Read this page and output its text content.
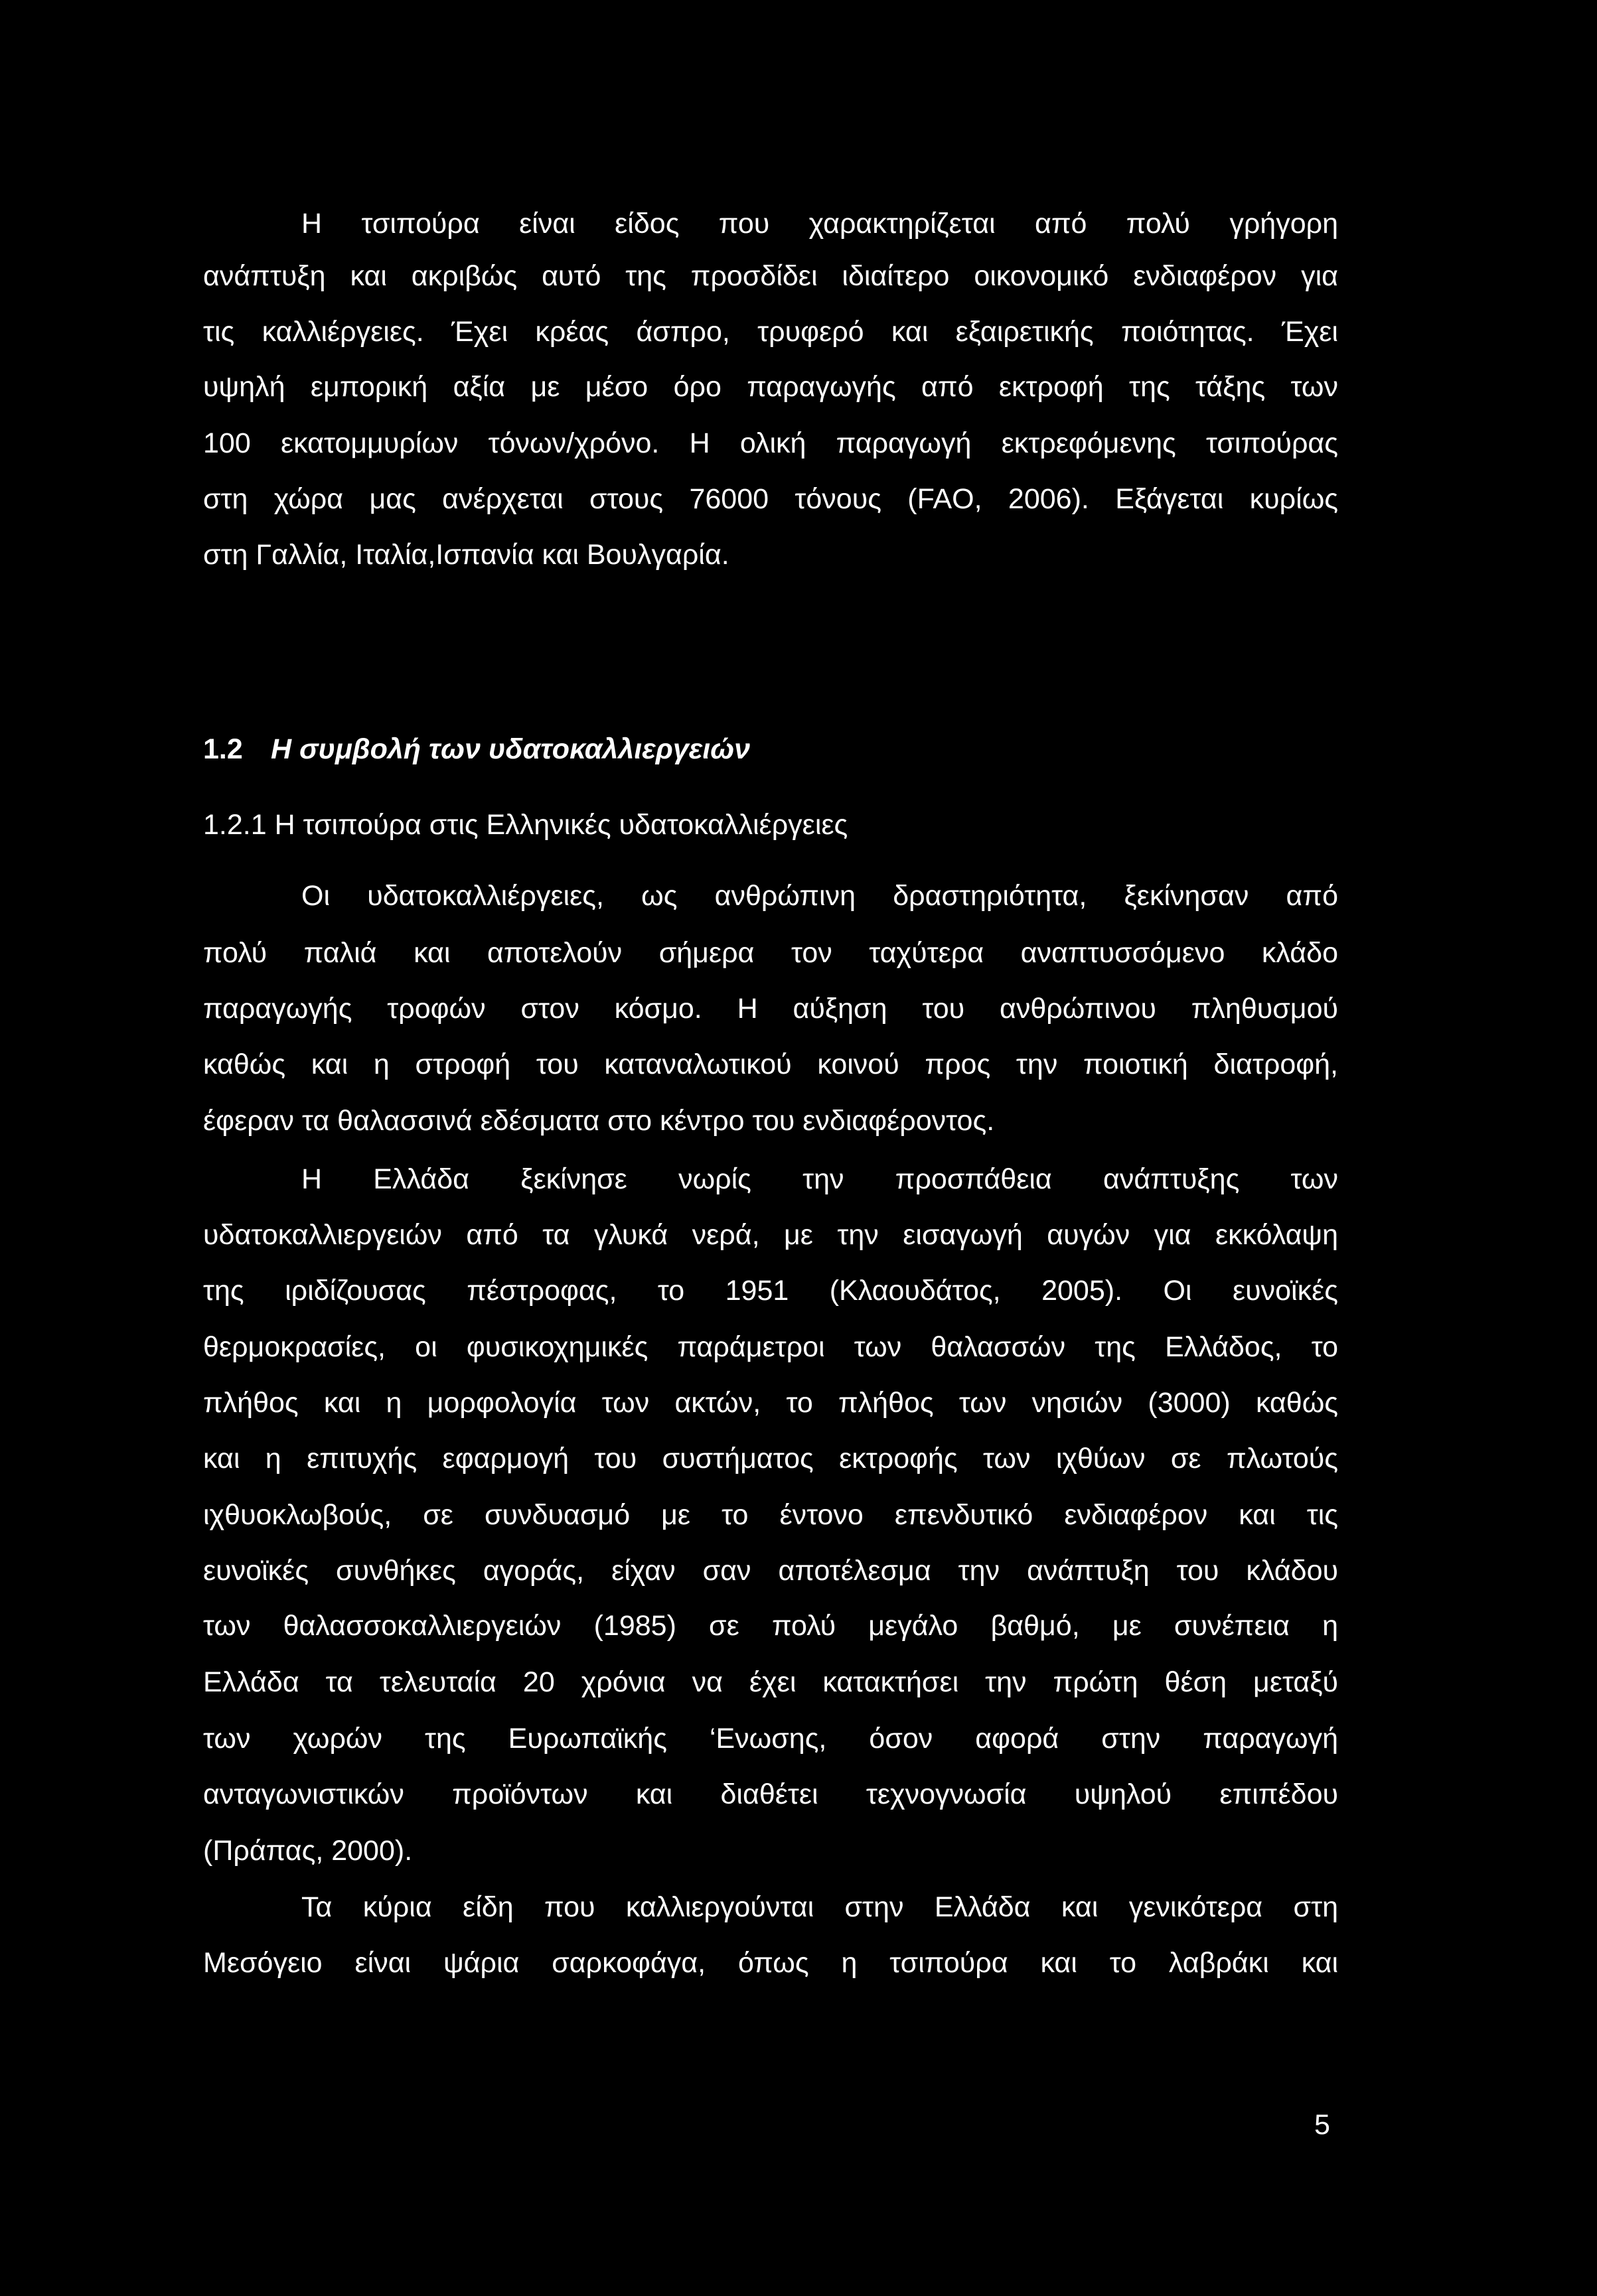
Η τσιπούρα είναι είδος που χαρακτηρίζεται από πολύ γρήγορη
ανάπτυξη και ακριβώς αυτό της προσδίδει ιδιαίτερο οικονομικό ενδιαφέρον για
τις καλλιέργειες. Έχει κρέας άσπρο, τρυφερό και εξαιρετικής ποιότητας. Έχει
υψηλή εμπορική αξία με μέσο όρο παραγωγής από εκτροφή της τάξης των
100 εκατομμυρίων τόνων/χρόνο. Η ολική παραγωγή εκτρεφόμενης τσιπούρας
στη χώρα μας ανέρχεται στους 76000 τόνους (FAO, 2006). Εξάγεται κυρίως
στη Γαλλία, Ιταλία,Ισπανία και Βουλγαρία.
1.2 Η συμβολή των υδατοκαλλιεργειών
1.2.1 Η τσιπούρα στις Ελληνικές υδατοκαλλιέργειες
Οι υδατοκαλλιέργειες, ως ανθρώπινη δραστηριότητα, ξεκίνησαν από
πολύ παλιά και αποτελούν σήμερα τον ταχύτερα αναπτυσσόμενο κλάδο
παραγωγής τροφών στον κόσμο. Η αύξηση του ανθρώπινου πληθυσμού
καθώς και η στροφή του καταναλωτικού κοινού προς την ποιοτική διατροφή,
έφεραν τα θαλασσινά εδέσματα στο κέντρο του ενδιαφέροντος.
Η Ελλάδα ξεκίνησε νωρίς την προσπάθεια ανάπτυξης των
υδατοκαλλιεργειών από τα γλυκά νερά, με την εισαγωγή αυγών για εκκόλαψη
της ιριδίζουσας πέστροφας, το 1951 (Κλαουδάτος, 2005). Οι ευνοϊκές
θερμοκρασίες, οι φυσικοχημικές παράμετροι των θαλασσών της Ελλάδος, το
πλήθος και η μορφολογία των ακτών, το πλήθος των νησιών (3000) καθώς
και η επιτυχής εφαρμογή του συστήματος εκτροφής των ιχθύων σε πλωτούς
ιχθυοκλωβούς, σε συνδυασμό με το έντονο επενδυτικό ενδιαφέρον και τις
ευνοϊκές συνθήκες αγοράς, είχαν σαν αποτέλεσμα την ανάπτυξη του κλάδου
των θαλασσοκαλλιεργειών (1985) σε πολύ μεγάλο βαθμό, με συνέπεια η
Ελλάδα τα τελευταία 20 χρόνια να έχει κατακτήσει την πρώτη θέση μεταξύ
των χωρών της Ευρωπαϊκής ‘Ενωσης, όσον αφορά στην παραγωγή
ανταγωνιστικών προϊόντων και διαθέτει τεχνογνωσία υψηλού επιπέδου
(Πράπας, 2000).
Τα κύρια είδη που καλλιεργούνται στην Ελλάδα και γενικότερα στη
Μεσόγειο είναι ψάρια σαρκοφάγα, όπως η τσιπούρα και το λαβράκι και
5
